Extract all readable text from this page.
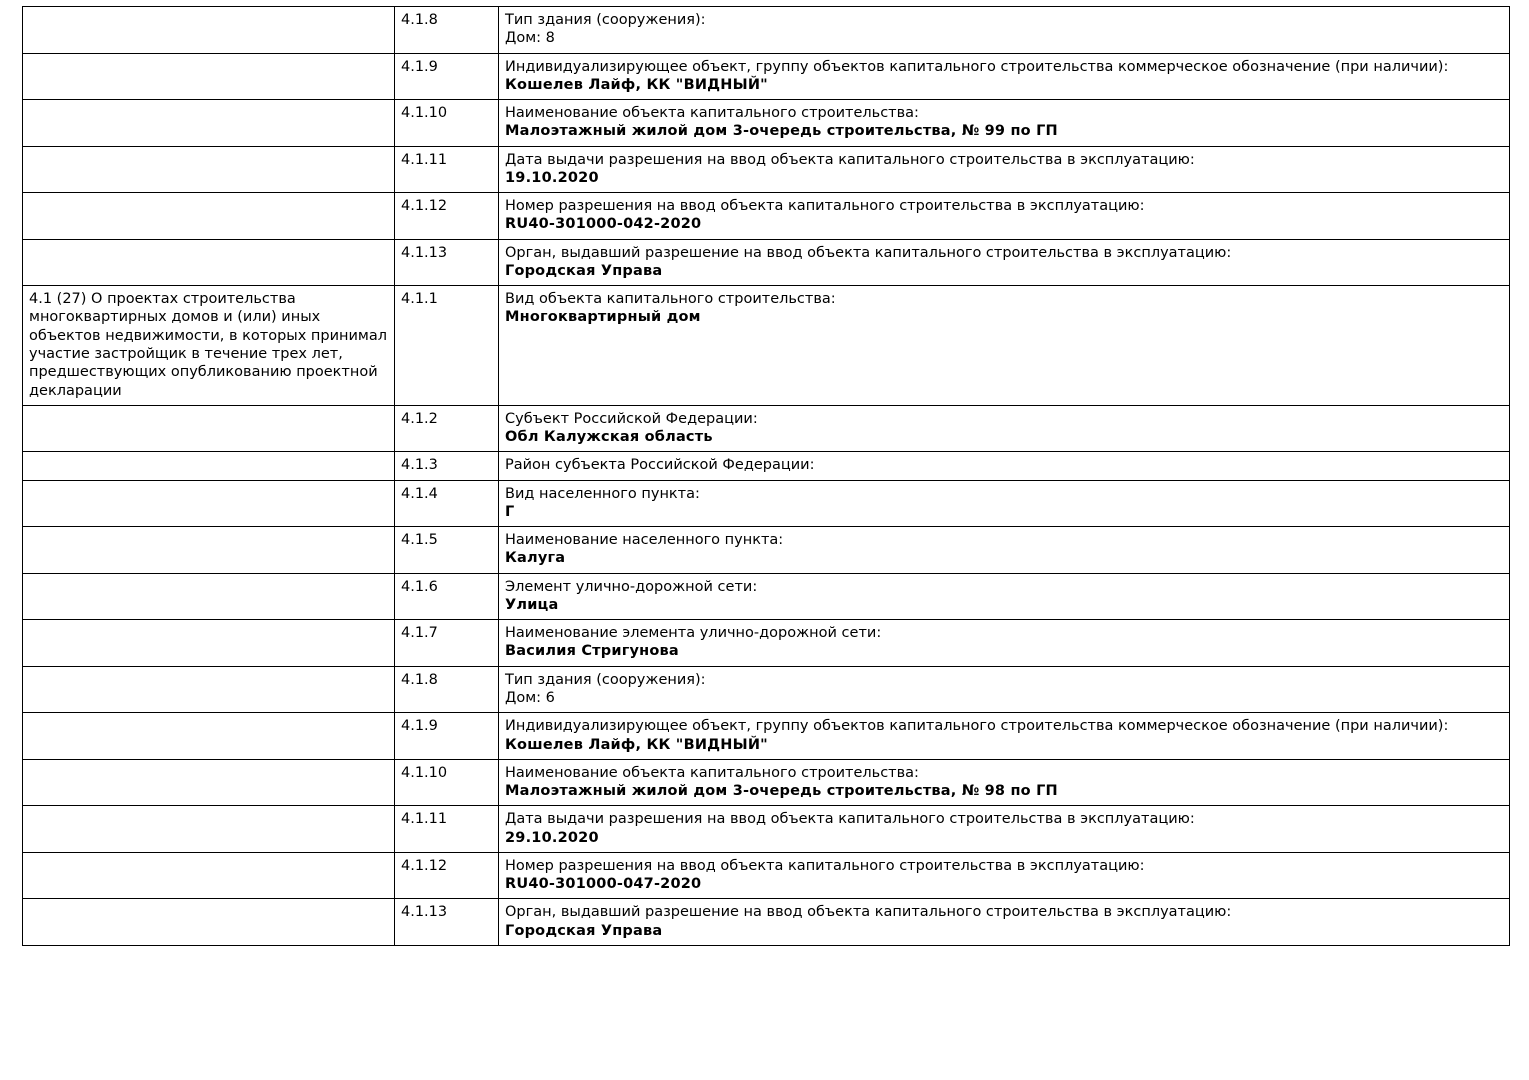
	4.1.8	Тип здания (сооружения):
Дом: 8

	4.1.9	Индивидуализирующее объект, группу объектов капитального строительства коммерческое обозначение (при наличии):
Кошелев Лайф, КК "ВИДНЫЙ"

	4.1.10	Наименование объекта капитального строительства:
Малоэтажный жилой дом 3-очередь строительства, № 99 по ГП

	4.1.11	Дата выдачи разрешения на ввод объекта капитального строительства в эксплуатацию:
19.10.2020

	4.1.12	Номер разрешения на ввод объекта капитального строительства в эксплуатацию:
RU40-301000-042-2020

	4.1.13	Орган, выдавший разрешение на ввод объекта капитального строительства в эксплуатацию:
Городская Управа

4.1 (27) О проектах строительства многоквартирных домов и (или) иных объектов недвижимости, в которых принимал участие застройщик в течение трех лет, предшествующих опубликованию проектной декларации	4.1.1	Вид объекта капитального строительства:
Многоквартирный дом

	4.1.2	Субъект Российской Федерации:
Обл Калужская область

	4.1.3	Район субъекта Российской Федерации:

	4.1.4	Вид населенного пункта:
Г

	4.1.5	Наименование населенного пункта:
Калуга

	4.1.6	Элемент улично-дорожной сети:
Улица

	4.1.7	Наименование элемента улично-дорожной сети:
Василия Стригунова

	4.1.8	Тип здания (сооружения):
Дом: 6

	4.1.9	Индивидуализирующее объект, группу объектов капитального строительства коммерческое обозначение (при наличии):
Кошелев Лайф, КК "ВИДНЫЙ"

	4.1.10	Наименование объекта капитального строительства:
Малоэтажный жилой дом 3-очередь строительства, № 98 по ГП

	4.1.11	Дата выдачи разрешения на ввод объекта капитального строительства в эксплуатацию:
29.10.2020

	4.1.12	Номер разрешения на ввод объекта капитального строительства в эксплуатацию:
RU40-301000-047-2020

	4.1.13	Орган, выдавший разрешение на ввод объекта капитального строительства в эксплуатацию:
Городская Управа
